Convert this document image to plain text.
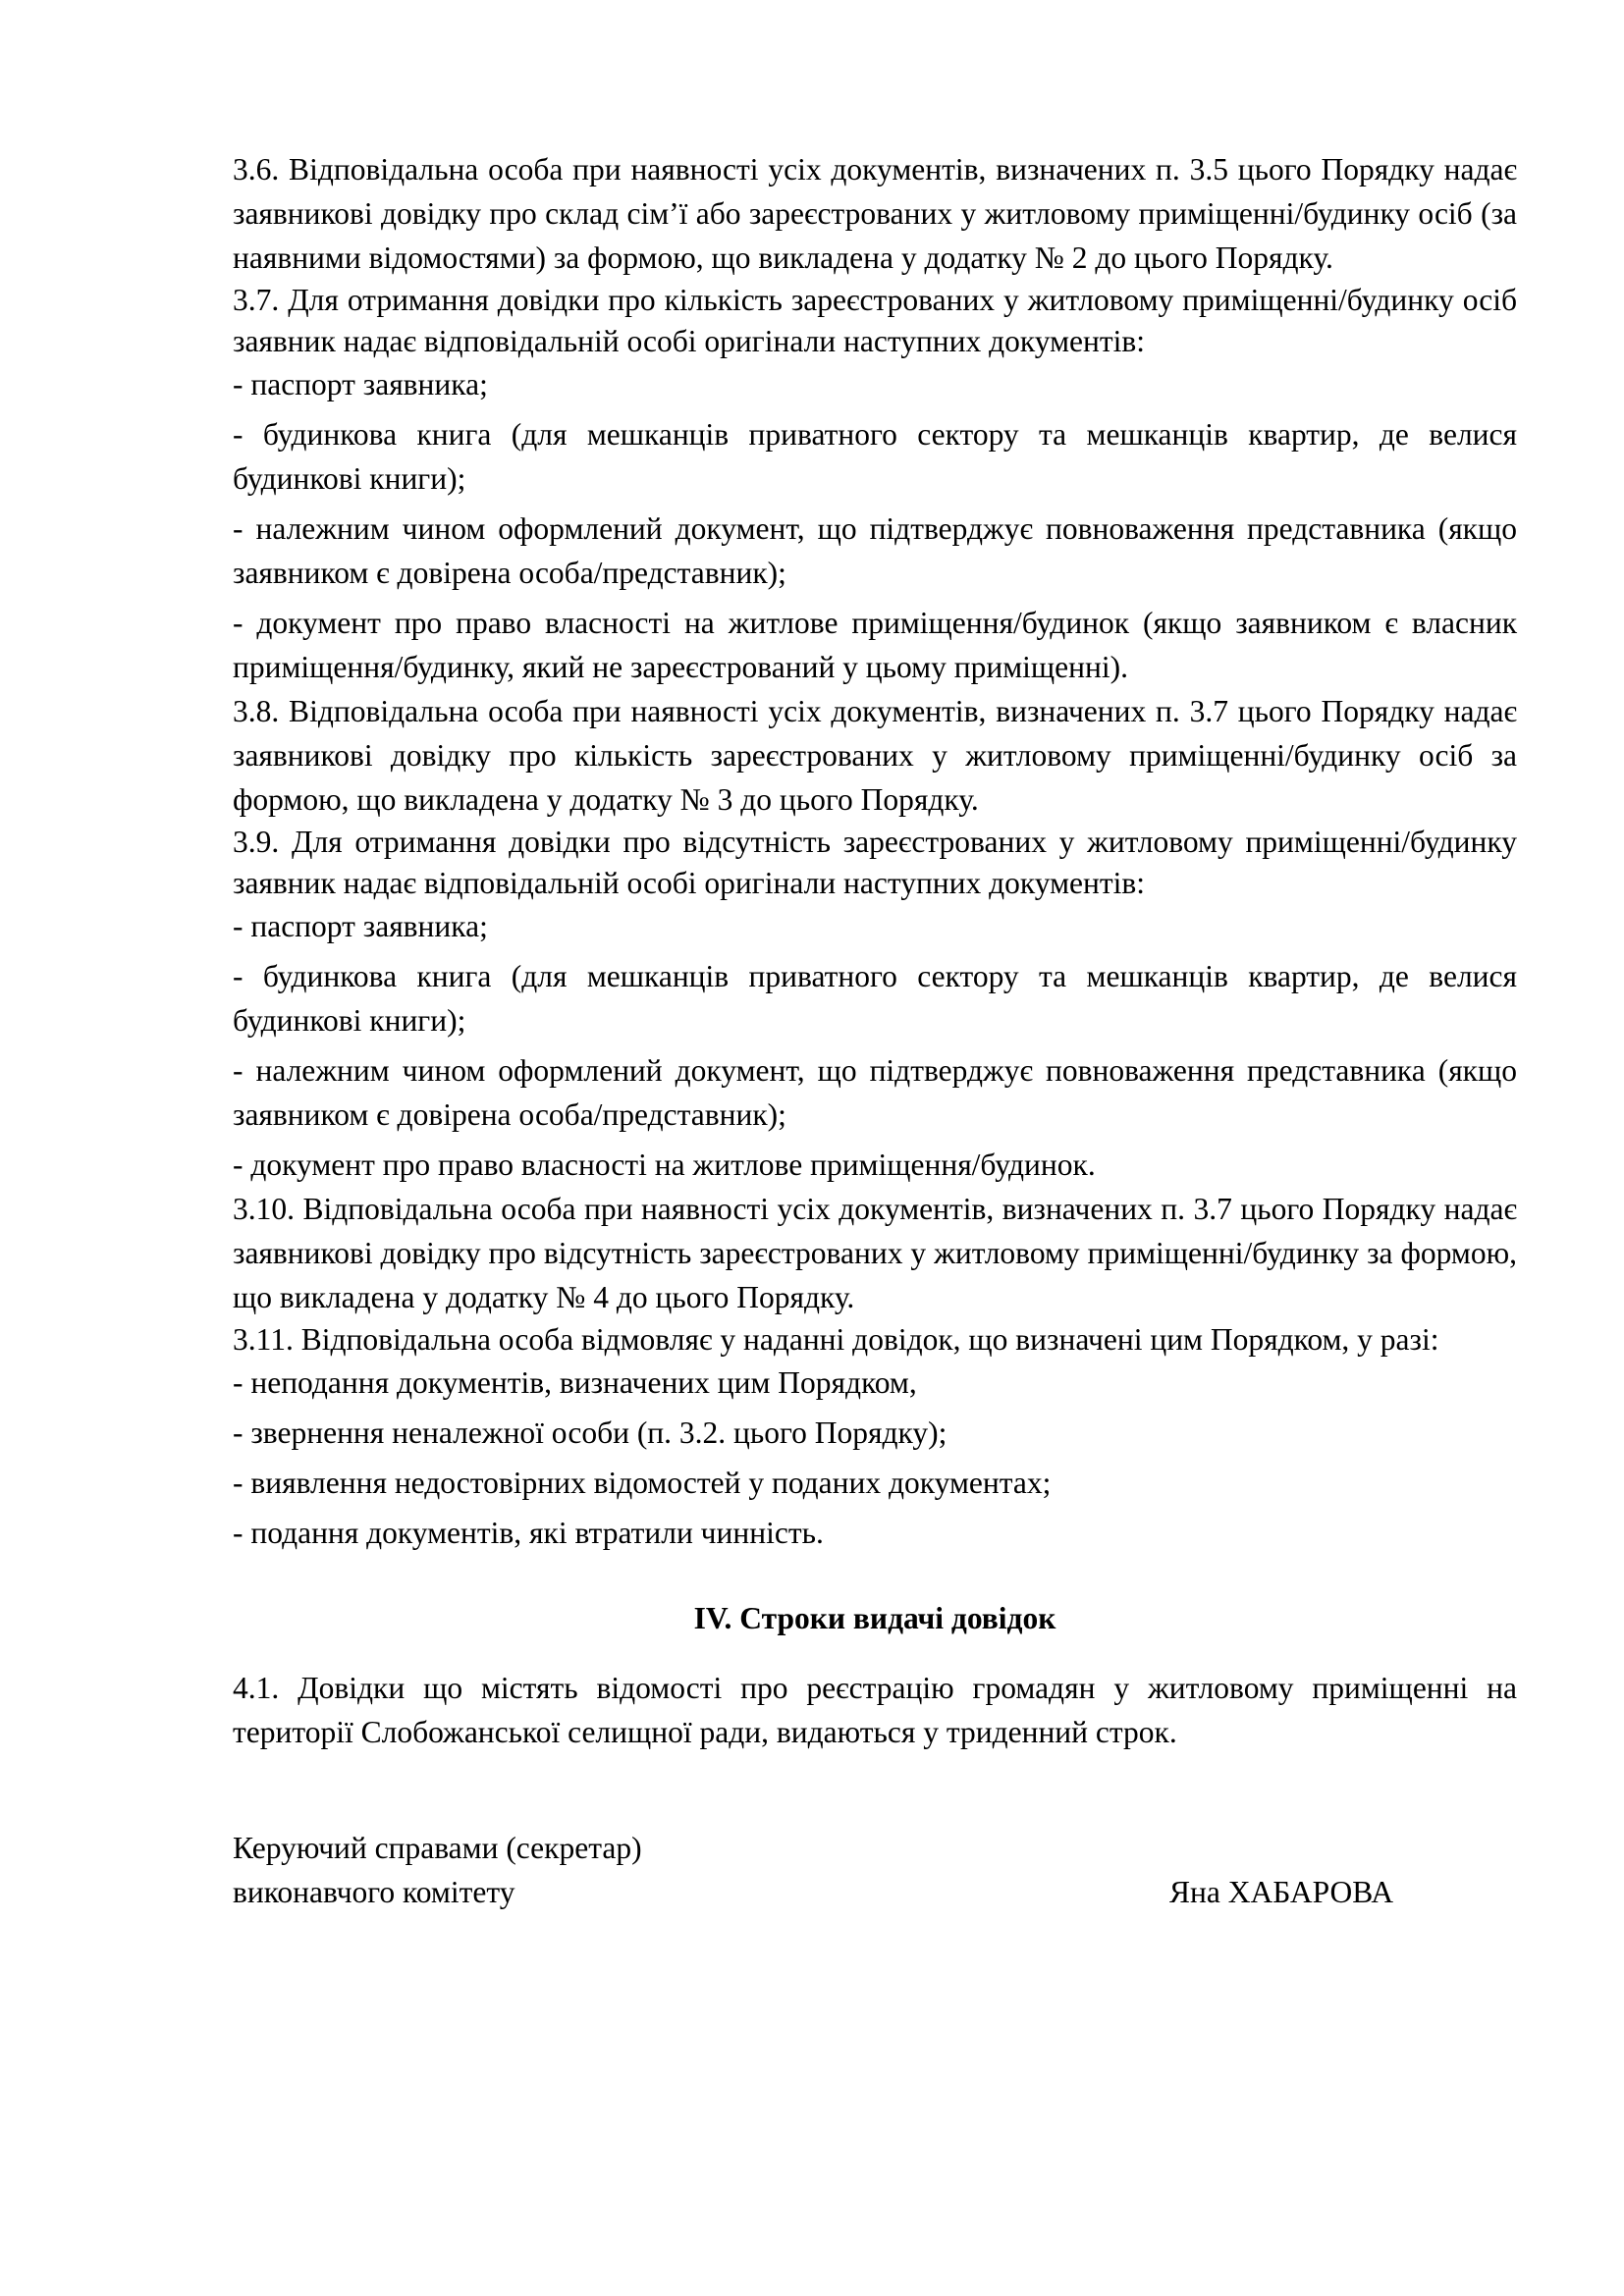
3.6. Відповідальна особа при наявності усіх документів, визначених п. 3.5 цього Порядку надає заявникові довідку про склад сім’ї або зареєстрованих у житловому приміщенні/будинку осіб (за наявними відомостями) за формою, що викладена у додатку № 2 до цього Порядку.

3.7. Для отримання довідки про кількість зареєстрованих у житловому приміщенні/будинку осіб заявник надає відповідальній особі оригінали наступних документів:

- паспорт заявника;

- будинкова книга (для мешканців приватного сектору та мешканців квартир, де велися будинкові книги);

- належним чином оформлений документ, що підтверджує повноваження представника (якщо заявником є довірена особа/представник);

- документ про право власності на житлове приміщення/будинок (якщо заявником є власник приміщення/будинку, який не зареєстрований у цьому приміщенні).

3.8. Відповідальна особа при наявності усіх документів, визначених п. 3.7 цього Порядку надає заявникові довідку про кількість зареєстрованих у житловому приміщенні/будинку осіб за формою, що викладена у додатку № 3 до цього Порядку.

3.9. Для отримання довідки про відсутність зареєстрованих у житловому приміщенні/будинку заявник надає відповідальній особі оригінали наступних документів:

- паспорт заявника;

- будинкова книга (для мешканців приватного сектору та мешканців квартир, де велися будинкові книги);

- належним чином оформлений документ, що підтверджує повноваження представника (якщо заявником є довірена особа/представник);

- документ про право власності на житлове приміщення/будинок.

3.10. Відповідальна особа при наявності усіх документів, визначених п. 3.7 цього Порядку надає заявникові довідку про відсутність зареєстрованих у житловому приміщенні/будинку за формою, що викладена у додатку № 4 до цього Порядку.

3.11. Відповідальна особа відмовляє у наданні довідок, що визначені цим Порядком, у разі:

- неподання документів, визначених цим Порядком,

- звернення неналежної особи (п. 3.2. цього Порядку);

- виявлення недостовірних відомостей у поданих документах;

- подання документів, які втратили чинність.

IV. Строки видачі довідок

4.1. Довідки що містять відомості про реєстрацію громадян у житловому приміщенні на території Слобожанської селищної ради, видаються у триденний строк.

Керуючий справами (секретар)
виконавчого комітету	Яна ХАБАРОВА
